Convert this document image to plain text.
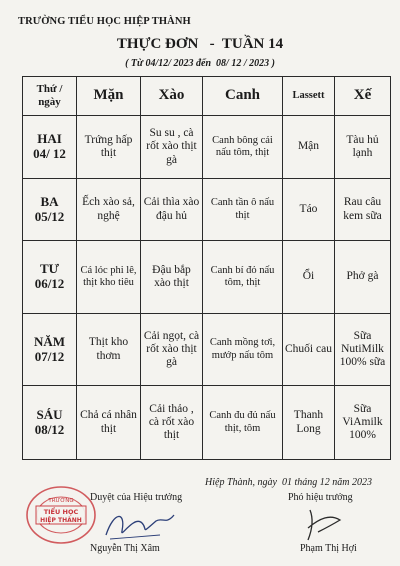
TRƯỜNG TIỂU HỌC HIỆP THÀNH
THỰC ĐƠN   -  TUẦN 14
( Từ 04/12/ 2023 đến  08/ 12 / 2023 )
Thứ /
ngày	Mặn	Xào	Canh	Lassett	Xế
HAI
04/ 12	Trứng hấp thịt	Su su , cà rốt xào thịt gà	Canh bông cải nấu tôm, thịt	Mận	Tàu hủ lạnh
BA
05/12	Ếch xào sả, nghệ	Cải thìa xào đậu hủ	Canh tần ô nấu thịt	Táo	Rau câu kem sữa
TƯ
06/12	Cá lóc phi lê, thịt kho tiêu	Đậu bắp xào thịt	Canh bí đỏ nấu tôm, thịt	Ổi	Phở gà
NĂM
07/12	Thịt kho thơm	Cải ngọt, cà rốt xào thịt gà	Canh mồng tơi, mướp nấu tôm	Chuối cau	Sữa NutiMilk 100% sữa
SÁU
08/12	Chả cá nhân thịt	Cải thảo , cà rốt xào thịt	Canh đu đủ nấu thịt, tôm	Thanh Long	Sữa ViAmilk 100%
Hiệp Thành, ngày  01 tháng 12 năm 2023
Duyệt của Hiệu trưởng	Phó hiệu trưởng
TRƯỜNG
TIỂU HỌC
HIỆP THÀNH
Nguyễn Thị Xâm	Phạm Thị Hợi
